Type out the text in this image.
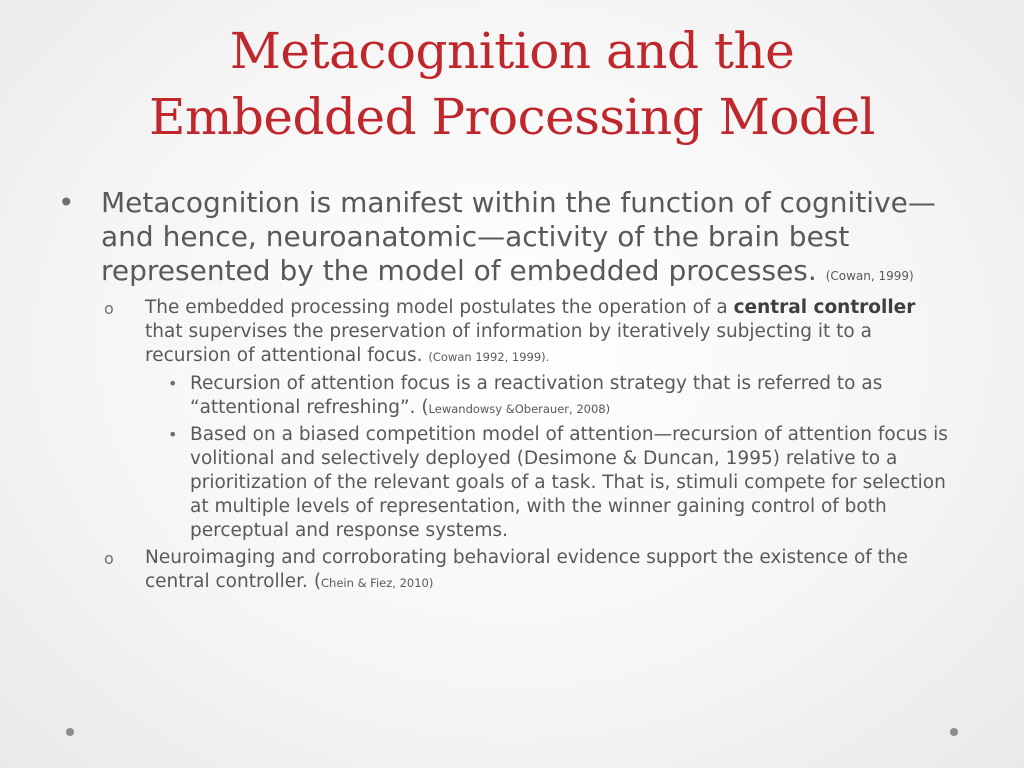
Metacognition and the
Embedded Processing Model
• Metacognition is manifest within the function of cognitive—and hence, neuroanatomic—activity of the brain best represented by the model of embedded processes. (Cowan, 1999)
o The embedded processing model postulates the operation of a central controller that supervises the preservation of information by iteratively subjecting it to a recursion of attentional focus. (Cowan 1992, 1999).
• Recursion of attention focus is a reactivation strategy that is referred to as “attentional refreshing”. (Lewandowsy &Oberauer, 2008)
• Based on a biased competition model of attention—recursion of attention focus is volitional and selectively deployed (Desimone & Duncan, 1995) relative to a prioritization of the relevant goals of a task. That is, stimuli compete for selection at multiple levels of representation, with the winner gaining control of both perceptual and response systems.
o Neuroimaging and corroborating behavioral evidence support the existence of the central controller. (Chein & Fiez, 2010)
